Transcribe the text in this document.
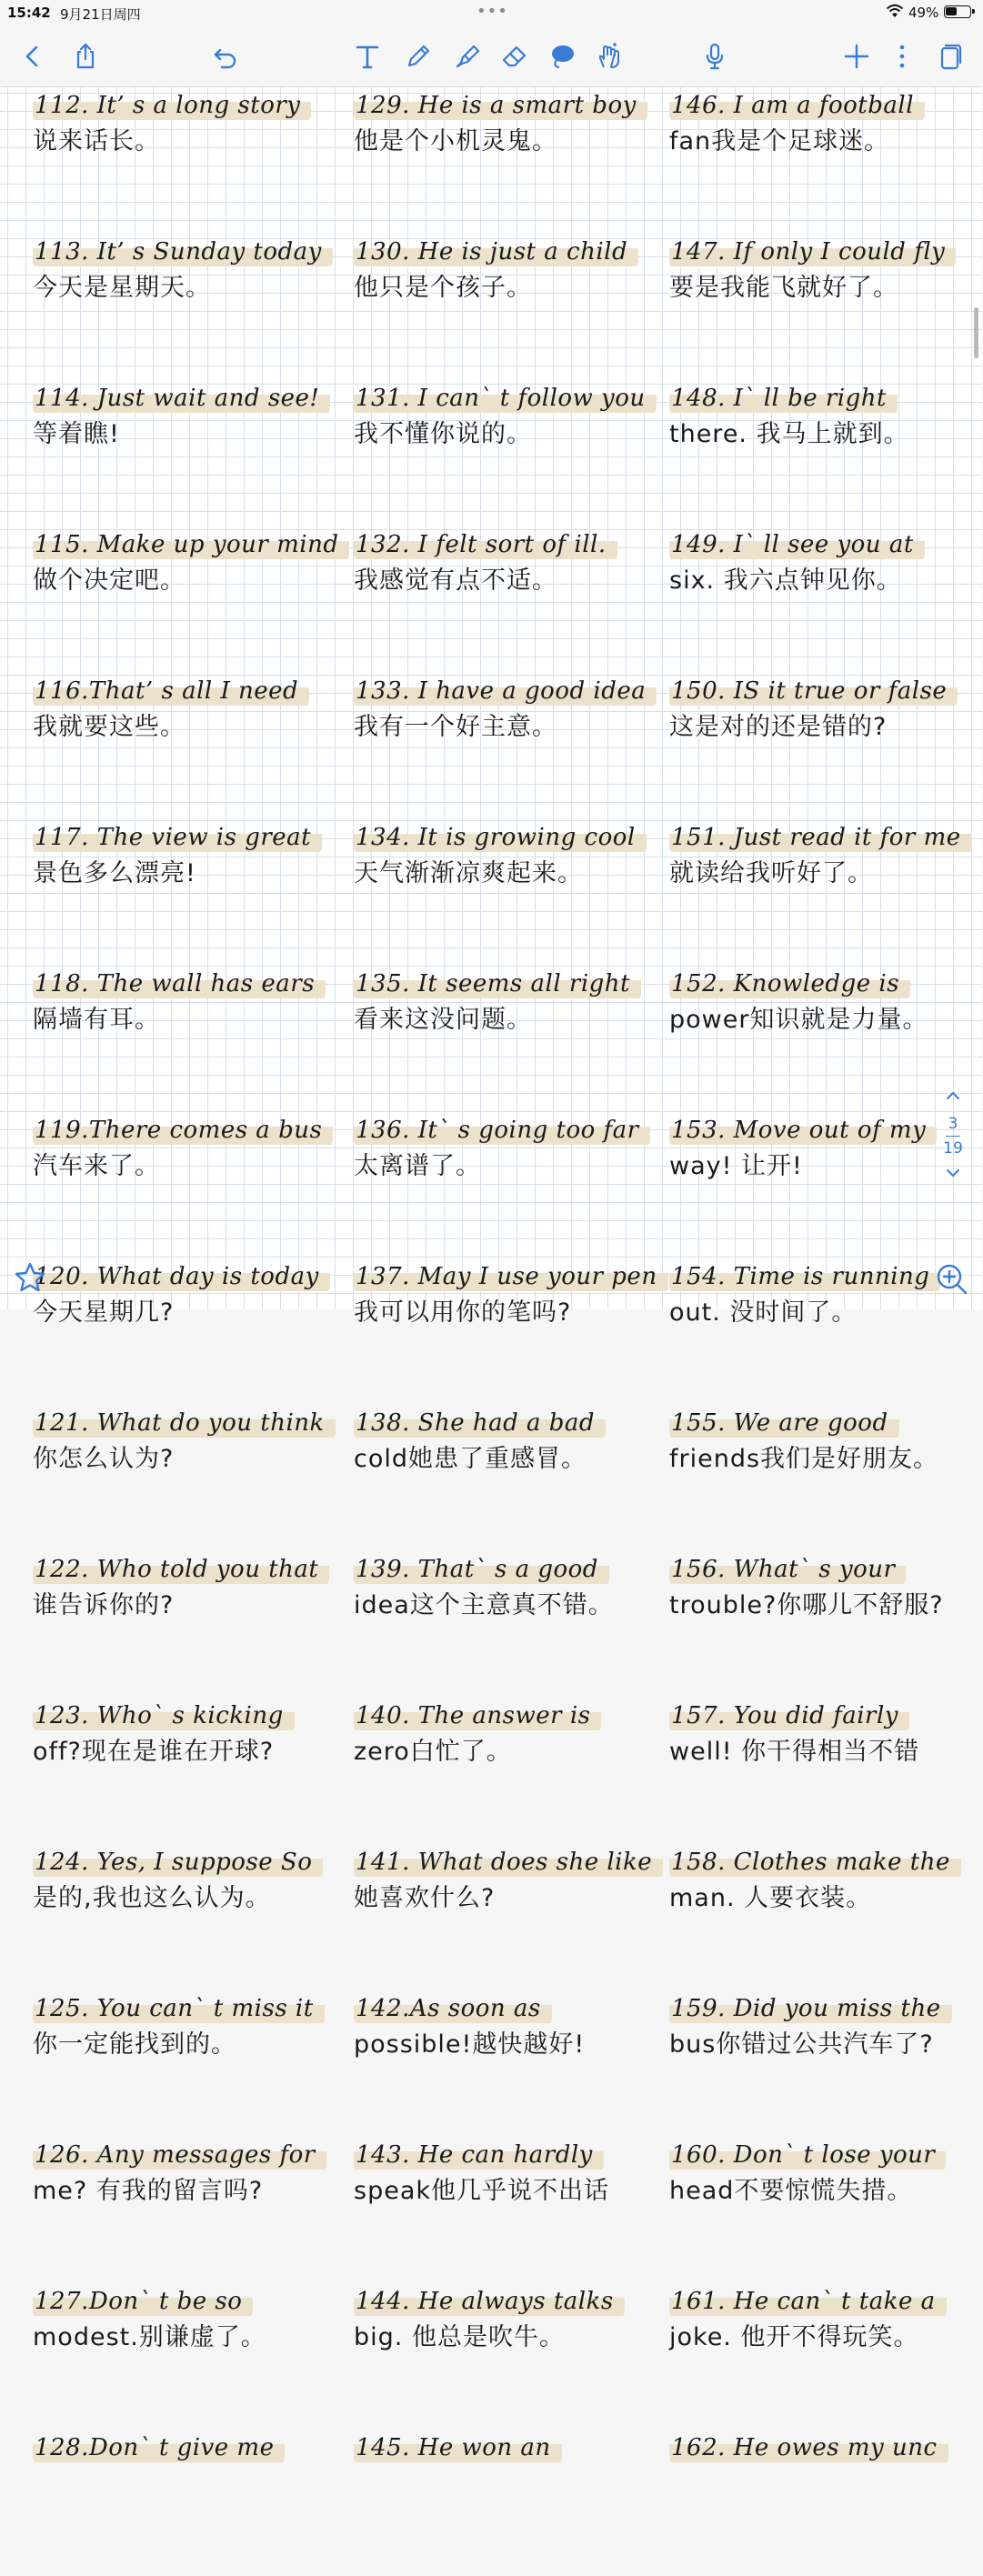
15:42 9月21日周四	•••	49%
112. It’ s a long story
说来话长。
113. It’ s Sunday today
今天是星期天。
114. Just wait and see!
等着瞧!
115. Make up your mind
做个决定吧。
116.That’ s all I need
我就要这些。
117. The view is great
景色多么漂亮!
118. The wall has ears
隔墙有耳。
119.There comes a bus
汽车来了。
120. What day is today
今天星期几?
121. What do you think
你怎么认为?
122. Who told you that
谁告诉你的?
123. Who` s kicking
off?现在是谁在开球?
124. Yes, I suppose So
是的,我也这么认为。
125. You can` t miss it
你一定能找到的。
126. Any messages for
me? 有我的留言吗?
127.Don` t be so
modest.别谦虚了。
128.Don` t give me
129. He is a smart boy
他是个小机灵鬼。
130. He is just a child
他只是个孩子。
131. I can` t follow you
我不懂你说的。
132. I felt sort of ill.
我感觉有点不适。
133. I have a good idea
我有一个好主意。
134. It is growing cool
天气渐渐凉爽起来。
135. It seems all right
看来这没问题。
136. It` s going too far
太离谱了。
137. May I use your pen
我可以用你的笔吗?
138. She had a bad
cold她患了重感冒。
139. That` s a good
idea这个主意真不错。
140. The answer is
zero白忙了。
141. What does she like
她喜欢什么?
142.As soon as
possible!越快越好!
143. He can hardly
speak他几乎说不出话
144. He always talks
big. 他总是吹牛。
145. He won an
146. I am a football
fan我是个足球迷。
147. If only I could fly
要是我能飞就好了。
148. I` ll be right
there. 我马上就到。
149. I` ll see you at
six. 我六点钟见你。
150. IS it true or false
这是对的还是错的?
151. Just read it for me
就读给我听好了。
152. Knowledge is
power知识就是力量。
153. Move out of my
way! 让开!
154. Time is running
out. 没时间了。
155. We are good
friends我们是好朋友。
156. What` s your
trouble?你哪儿不舒服?
157. You did fairly
well! 你干得相当不错
158. Clothes make the
man. 人要衣装。
159. Did you miss the
bus你错过公共汽车了?
160. Don` t lose your
head不要惊慌失措。
161. He can` t take a
joke. 他开不得玩笑。
162. He owes my unc
3
19
